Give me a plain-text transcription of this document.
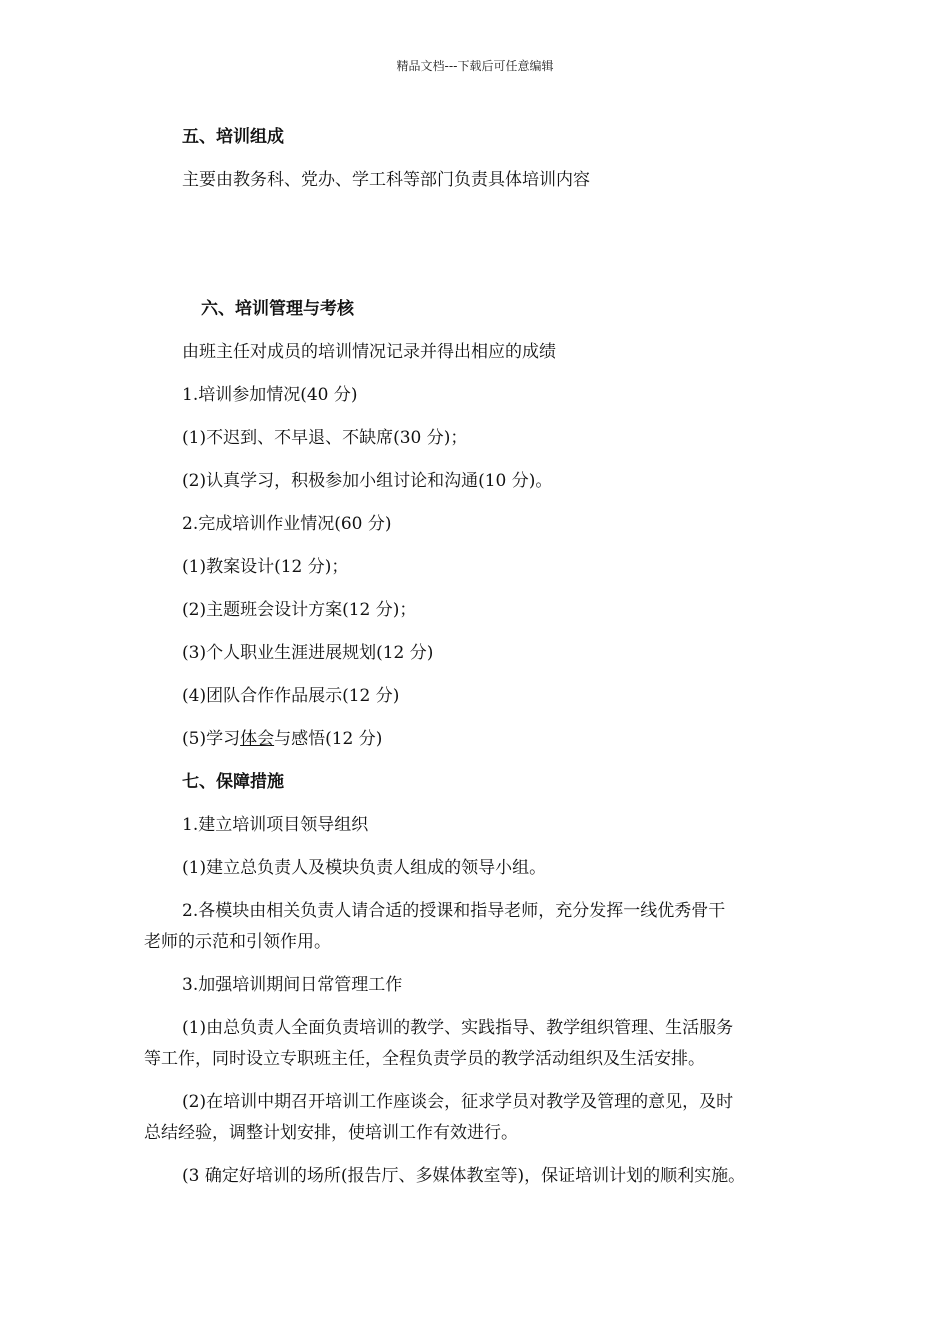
精品文档---下载后可任意编辑
五、培训组成
主要由教务科、党办、学工科等部门负责具体培训内容
六、培训管理与考核
由班主任对成员的培训情况记录并得出相应的成绩
1.培训参加情况(40 分)
(1)不迟到、不早退、不缺席(30 分)；
(2)认真学习，积极参加小组讨论和沟通(10 分)。
2.完成培训作业情况(60 分)
(1)教案设计(12 分)；
(2)主题班会设计方案(12 分)；
(3)个人职业生涯进展规划(12 分)
(4)团队合作作品展示(12 分)
(5)学习体会与感悟(12 分)
七、保障措施
1.建立培训项目领导组织
(1)建立总负责人及模块负责人组成的领导小组。
2.各模块由相关负责人请合适的授课和指导老师，充分发挥一线优秀骨干
老师的示范和引领作用。
3.加强培训期间日常管理工作
(1)由总负责人全面负责培训的教学、实践指导、教学组织管理、生活服务
等工作，同时设立专职班主任，全程负责学员的教学活动组织及生活安排。
(2)在培训中期召开培训工作座谈会，征求学员对教学及管理的意见，及时
总结经验，调整计划安排，使培训工作有效进行。
(3 确定好培训的场所(报告厅、多媒体教室等)，保证培训计划的顺利实施。
